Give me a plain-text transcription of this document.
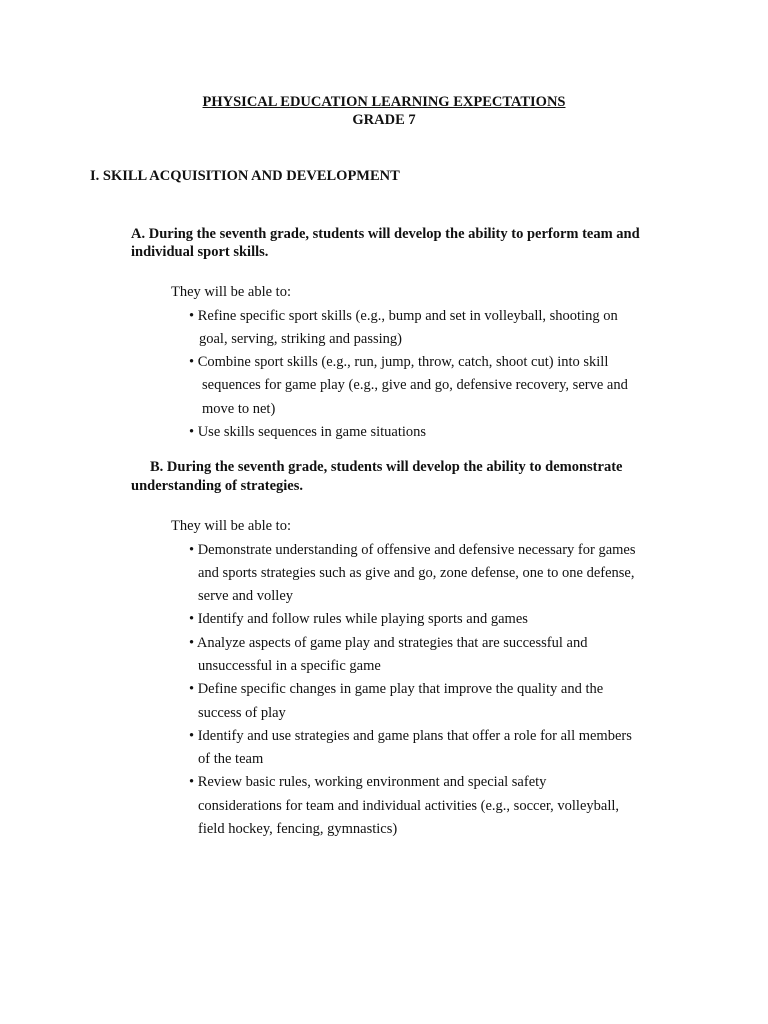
PHYSICAL EDUCATION LEARNING EXPECTATIONS
GRADE 7
I. SKILL ACQUISITION AND DEVELOPMENT
A. During the seventh grade, students will develop the ability to perform team and
individual sport skills.
They will be able to:
• Refine specific sport skills (e.g., bump and set in volleyball, shooting on
goal, serving, striking and passing)
• Combine sport skills (e.g., run, jump, throw, catch, shoot cut) into skill
sequences for game play (e.g., give and go, defensive recovery, serve and
move to net)
• Use skills sequences in game situations
B. During the seventh grade, students will develop the ability to demonstrate
understanding of strategies.
They will be able to:
• Demonstrate understanding of offensive and defensive necessary for games
and sports strategies such as give and go, zone defense, one to one defense,
serve and volley
• Identify and follow rules while playing sports and games
• Analyze aspects of game play and strategies that are successful and
unsuccessful in a specific game
• Define specific changes in game play that improve the quality and the
success of play
• Identify and use strategies and game plans that offer a role for all members
of the team
• Review basic rules, working environment and special safety
considerations for team and individual activities (e.g., soccer, volleyball,
field hockey, fencing, gymnastics)
